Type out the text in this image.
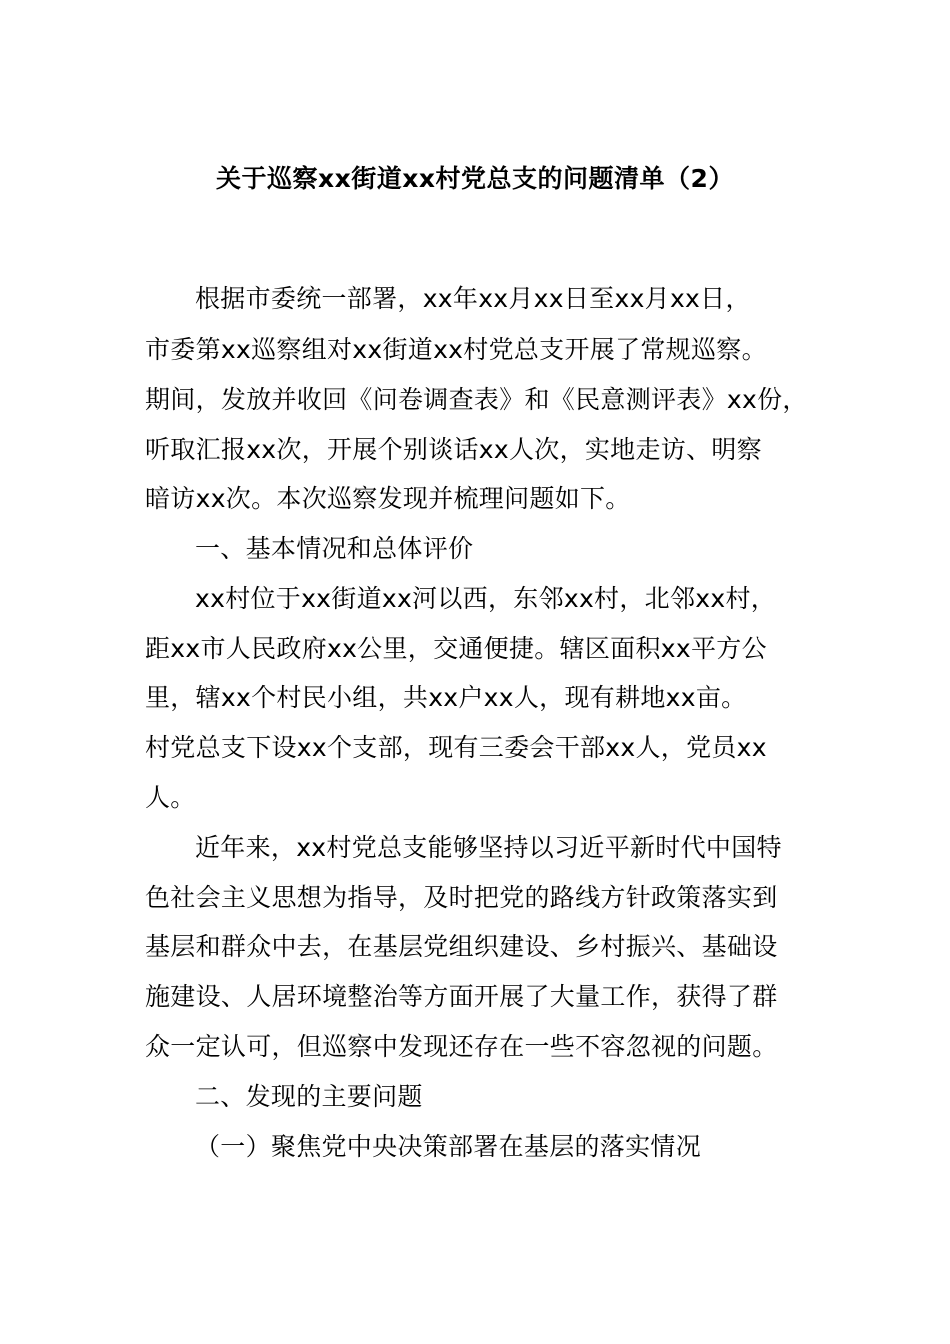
关于巡察xx街道xx村党总支的问题清单（2）
根据市委统一部署，xx年xx月xx日至xx月xx日，
市委第xx巡察组对xx街道xx村党总支开展了常规巡察。
期间，发放并收回《问卷调查表》和《民意测评表》xx份，
听取汇报xx次，开展个别谈话xx人次，实地走访、明察
暗访xx次。本次巡察发现并梳理问题如下。
一、基本情况和总体评价
xx村位于xx街道xx河以西，东邻xx村，北邻xx村，
距xx市人民政府xx公里，交通便捷。辖区面积xx平方公
里，辖xx个村民小组，共xx户xx人，现有耕地xx亩。
村党总支下设xx个支部，现有三委会干部xx人，党员xx
人。
近年来，xx村党总支能够坚持以习近平新时代中国特
色社会主义思想为指导，及时把党的路线方针政策落实到
基层和群众中去，在基层党组织建设、乡村振兴、基础设
施建设、人居环境整治等方面开展了大量工作，获得了群
众一定认可，但巡察中发现还存在一些不容忽视的问题。
二、发现的主要问题
（一）聚焦党中央决策部署在基层的落实情况
